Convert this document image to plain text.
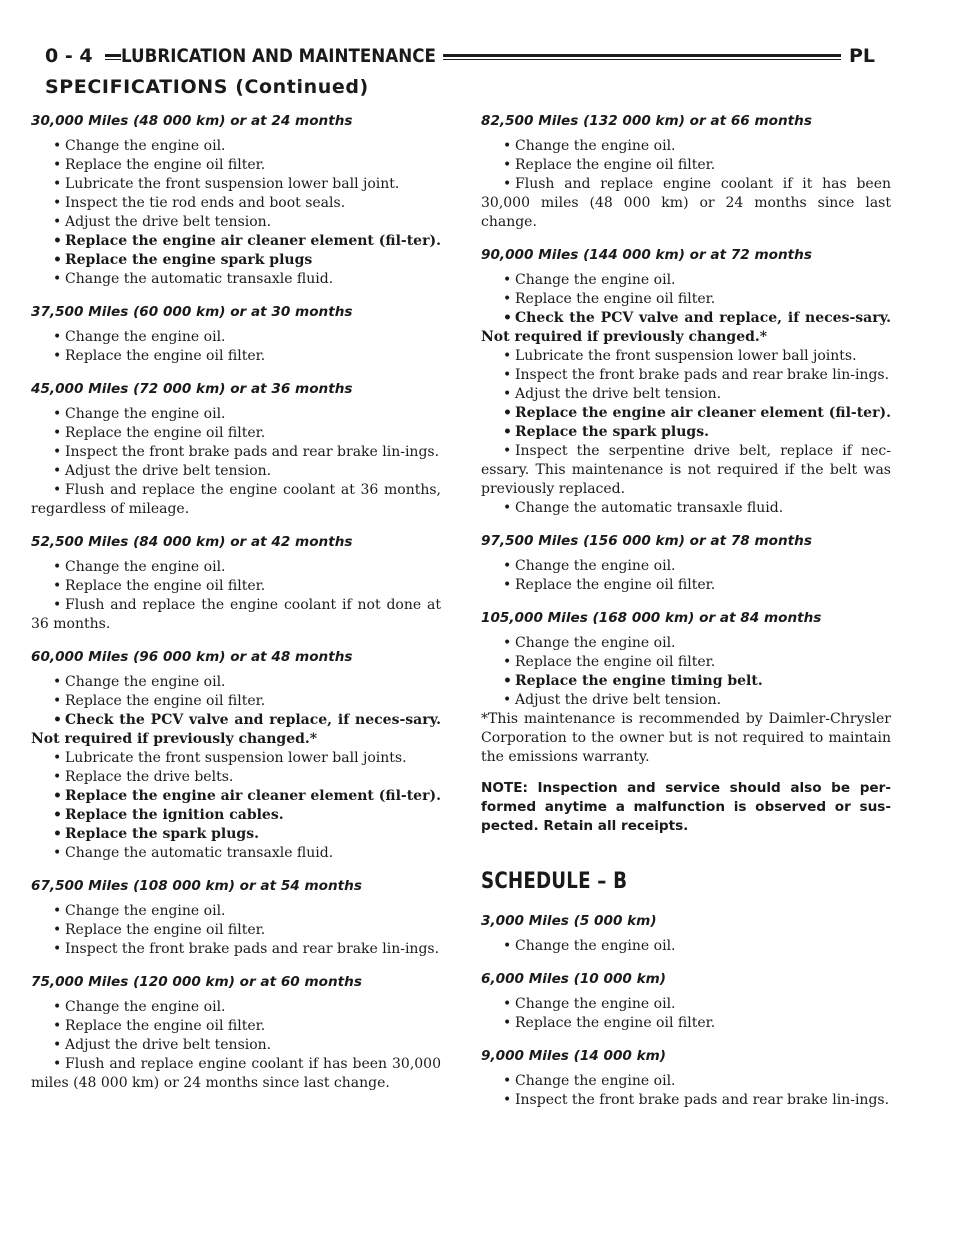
0 - 4	LUBRICATION AND MAINTENANCE	PL
SPECIFICATIONS (Continued)
30,000 Miles (48 000 km) or at 24 months
• Change the engine oil.
• Replace the engine oil filter.
• Lubricate the front suspension lower ball joint.
• Inspect the tie rod ends and boot seals.
• Adjust the drive belt tension.
• Replace the engine air cleaner element (fil-ter).
• Replace the engine spark plugs
• Change the automatic transaxle fluid.
37,500 Miles (60 000 km) or at 30 months
• Change the engine oil.
• Replace the engine oil filter.
45,000 Miles (72 000 km) or at 36 months
• Change the engine oil.
• Replace the engine oil filter.
• Inspect the front brake pads and rear brake lin-ings.
• Adjust the drive belt tension.
• Flush and replace the engine coolant at 36 months, regardless of mileage.
52,500 Miles (84 000 km) or at 42 months
• Change the engine oil.
• Replace the engine oil filter.
• Flush and replace the engine coolant if not done at 36 months.
60,000 Miles (96 000 km) or at 48 months
• Change the engine oil.
• Replace the engine oil filter.
• Check the PCV valve and replace, if neces-sary. Not required if previously changed.*
• Lubricate the front suspension lower ball joints.
• Replace the drive belts.
• Replace the engine air cleaner element (fil-ter).
• Replace the ignition cables.
• Replace the spark plugs.
• Change the automatic transaxle fluid.
67,500 Miles (108 000 km) or at 54 months
• Change the engine oil.
• Replace the engine oil filter.
• Inspect the front brake pads and rear brake lin-ings.
75,000 Miles (120 000 km) or at 60 months
• Change the engine oil.
• Replace the engine oil filter.
• Adjust the drive belt tension.
• Flush and replace engine coolant if has been 30,000 miles (48 000 km) or 24 months since last change.
82,500 Miles (132 000 km) or at 66 months
• Change the engine oil.
• Replace the engine oil filter.
• Flush and replace engine coolant if it has been 30,000 miles (48 000 km) or 24 months since last change.
90,000 Miles (144 000 km) or at 72 months
• Change the engine oil.
• Replace the engine oil filter.
• Check the PCV valve and replace, if neces-sary. Not required if previously changed.*
• Lubricate the front suspension lower ball joints.
• Inspect the front brake pads and rear brake lin-ings.
• Adjust the drive belt tension.
• Replace the engine air cleaner element (fil-ter).
• Replace the spark plugs.
• Inspect the serpentine drive belt, replace if nec-essary. This maintenance is not required if the belt was previously replaced.
• Change the automatic transaxle fluid.
97,500 Miles (156 000 km) or at 78 months
• Change the engine oil.
• Replace the engine oil filter.
105,000 Miles (168 000 km) or at 84 months
• Change the engine oil.
• Replace the engine oil filter.
• Replace the engine timing belt.
• Adjust the drive belt tension.
*This maintenance is recommended by Daimler-Chrysler Corporation to the owner but is not required to maintain the emissions warranty.
NOTE: Inspection and service should also be per-formed anytime a malfunction is observed or sus-pected. Retain all receipts.
SCHEDULE – B
3,000 Miles (5 000 km)
• Change the engine oil.
6,000 Miles (10 000 km)
• Change the engine oil.
• Replace the engine oil filter.
9,000 Miles (14 000 km)
• Change the engine oil.
• Inspect the front brake pads and rear brake lin-ings.
